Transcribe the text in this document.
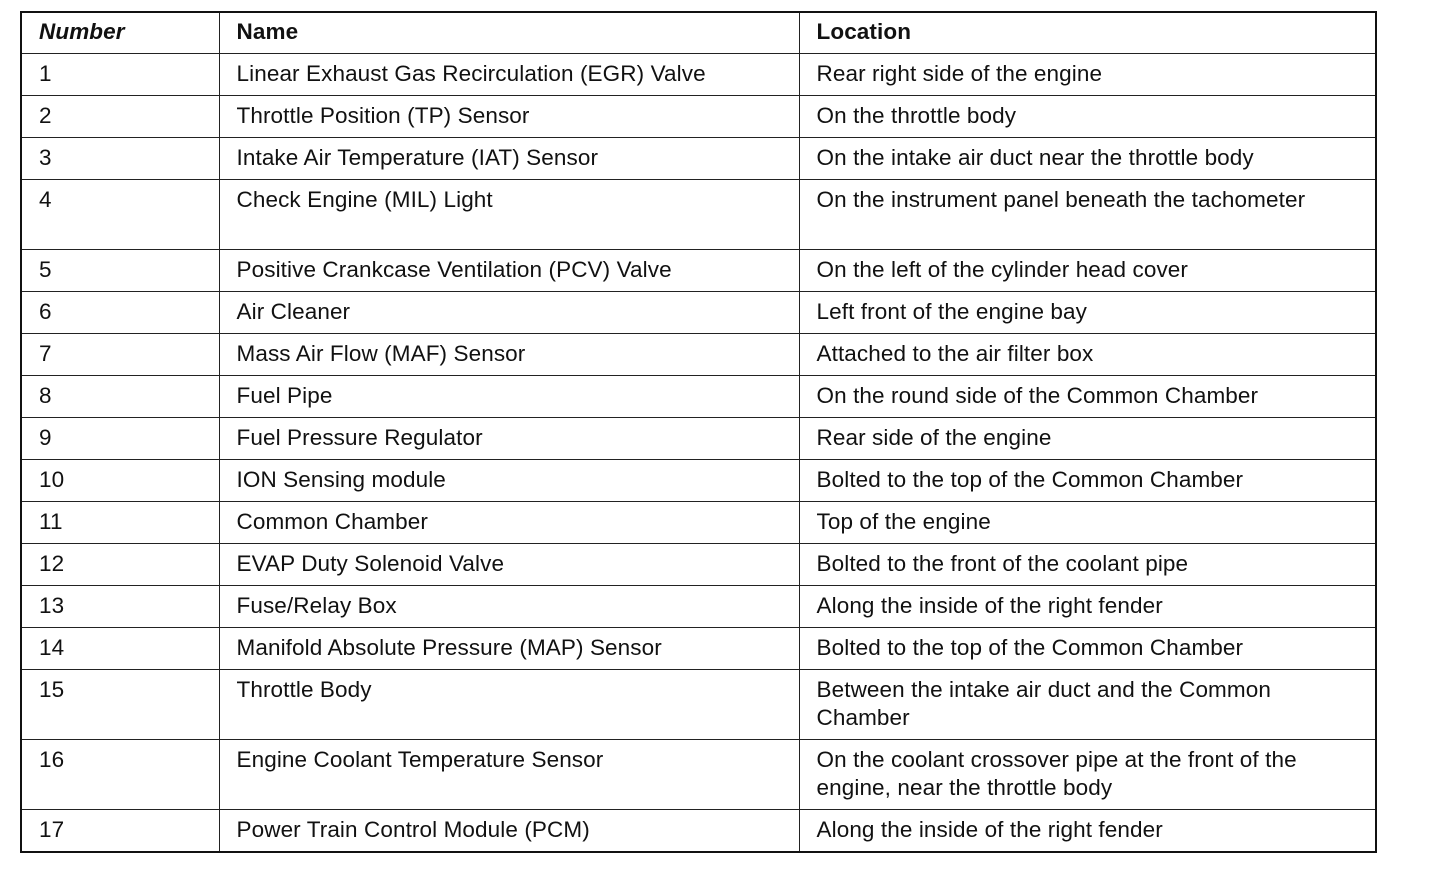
Number	Name	Location
1	Linear Exhaust Gas Recirculation (EGR) Valve	Rear right side of the engine
2	Throttle Position (TP) Sensor	On the throttle body
3	Intake Air Temperature (IAT) Sensor	On the intake air duct near the throttle body
4	Check Engine (MIL) Light	On the instrument panel beneath the tachometer
5	Positive Crankcase Ventilation (PCV) Valve	On the left of the cylinder head cover
6	Air Cleaner	Left front of the engine bay
7	Mass Air Flow (MAF) Sensor	Attached to the air filter box
8	Fuel Pipe	On the round side of the Common Chamber
9	Fuel Pressure Regulator	Rear side of the engine
10	ION Sensing module	Bolted to the top of the Common Chamber
11	Common Chamber	Top of the engine
12	EVAP Duty Solenoid Valve	Bolted to the front of the coolant pipe
13	Fuse/Relay Box	Along the inside of the right fender
14	Manifold Absolute Pressure (MAP) Sensor	Bolted to the top of the Common Chamber
15	Throttle Body	Between the intake air duct and the Common Chamber
16	Engine Coolant Temperature Sensor	On the coolant crossover pipe at the front of the engine, near the throttle body
17	Power Train Control Module (PCM)	Along the inside of the right fender
